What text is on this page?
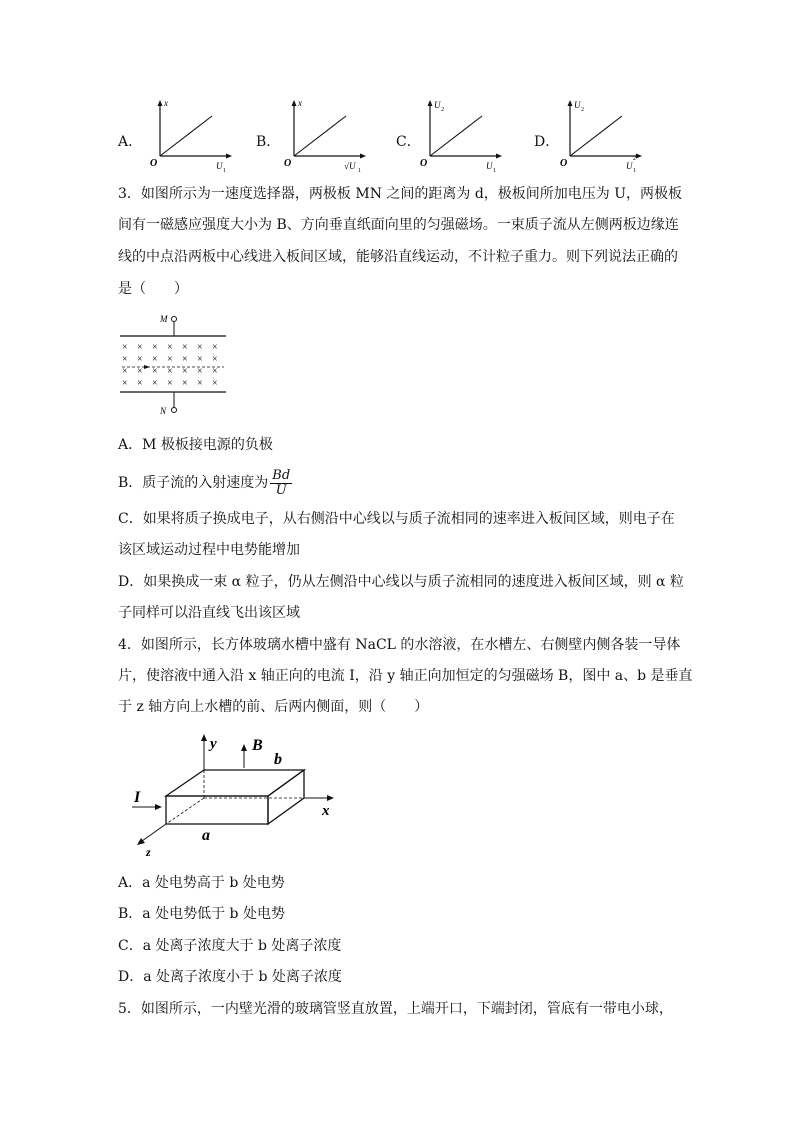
A．
x
O	U 1
B．
x
O	√U 1
C．
U 2
O	U 1
D．
U 2
O	U
2
1
3．如图所示为一速度选择器，两极板 MN 之间的距离为 d，极板间所加电压为 U，两极板
间有一磁感应强度大小为 B、方向垂直纸面向里的匀强磁场。一束质子流从左侧两板边缘连
线的中点沿两板中心线进入板间区域，能够沿直线运动，不计粒子重力。则下列说法正确的
是（　　）
M
× × × × × × ×
× × × × × × ×
× × × × × × ×
× × × × × × ×
N
A．M 极板接电源的负极
B．质子流的入射速度为 $\frac{Bd}{U}$
C．如果将质子换成电子，从右侧沿中心线以与质子流相同的速率进入板间区域，则电子在
该区域运动过程中电势能增加
D．如果换成一束 α 粒子，仍从左侧沿中心线以与质子流相同的速度进入板间区域，则 α 粒
子同样可以沿直线飞出该区域
4．如图所示，长方体玻璃水槽中盛有 NaCL 的水溶液，在水槽左、右侧壁内侧各装一导体
片，使溶液中通入沿 x 轴正向的电流 I，沿 y 轴正向加恒定的匀强磁场 B，图中 a、b 是垂直
于 z 轴方向上水槽的前、后两内侧面，则（　　）
x
y B
b
I
z
a
A．a 处电势高于 b 处电势
B．a 处电势低于 b 处电势
C．a 处离子浓度大于 b 处离子浓度
D．a 处离子浓度小于 b 处离子浓度
5．如图所示，一内壁光滑的玻璃管竖直放置，上端开口，下端封闭，管底有一带电小球，
